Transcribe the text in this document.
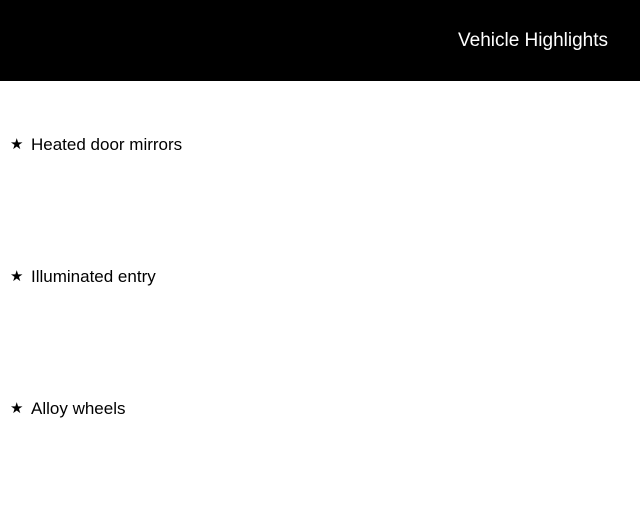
Vehicle Highlights
★ Heated door mirrors
★ Illuminated entry
★ Alloy wheels
